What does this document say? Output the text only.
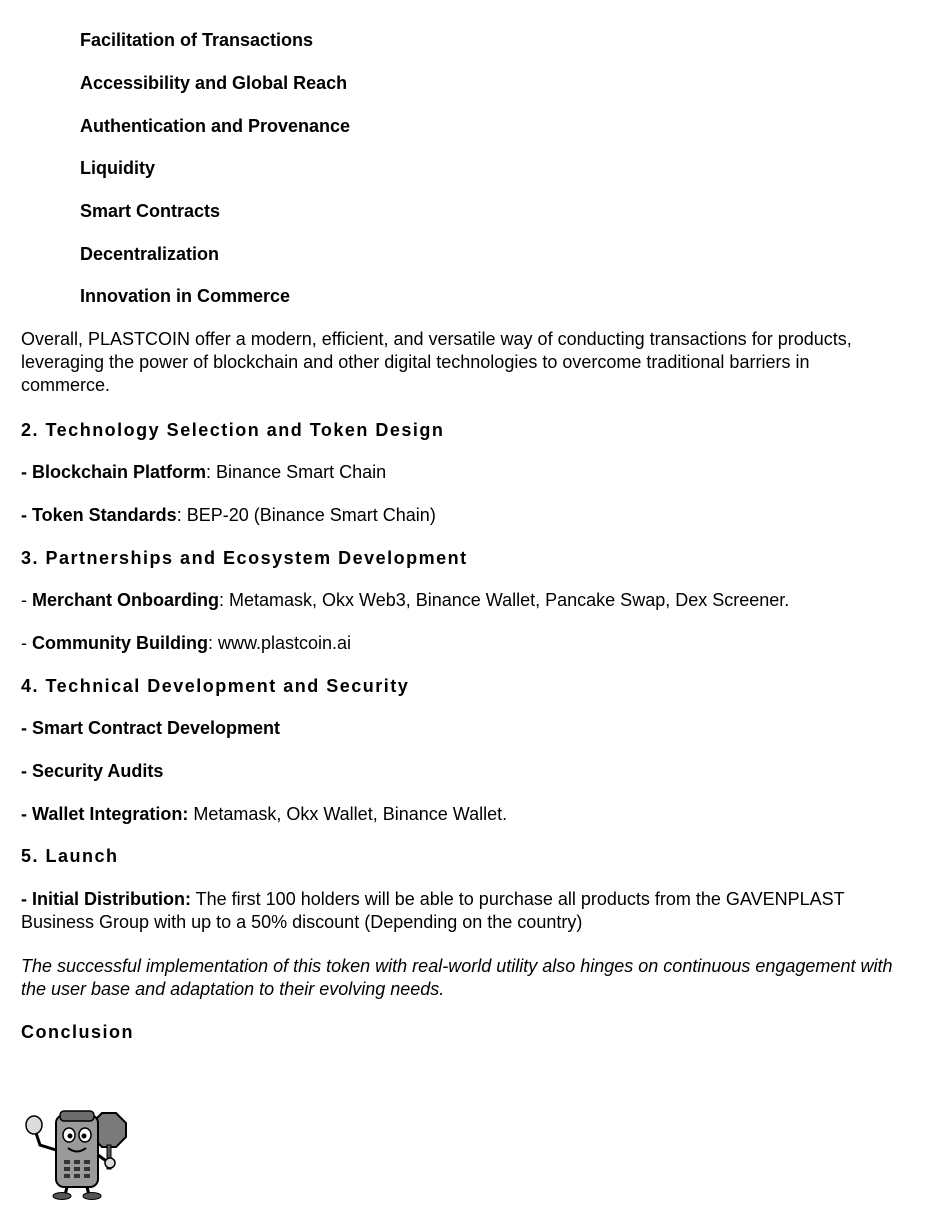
Facilitation of Transactions
Accessibility and Global Reach
Authentication and Provenance
Liquidity
Smart Contracts
Decentralization
Innovation in Commerce
Overall, PLASTCOIN offer a modern, efficient, and versatile way of conducting transactions for products, leveraging the power of blockchain and other digital technologies to overcome traditional barriers in commerce.
2. Technology Selection and Token Design
- Blockchain Platform: Binance Smart Chain
- Token Standards: BEP-20 (Binance Smart Chain)
3. Partnerships and Ecosystem Development
- Merchant Onboarding: Metamask, Okx Web3, Binance Wallet, Pancake Swap, Dex Screener.
- Community Building: www.plastcoin.ai
4. Technical Development and Security
- Smart Contract Development
- Security Audits
- Wallet Integration: Metamask, Okx Wallet, Binance Wallet.
5. Launch
- Initial Distribution: The first 100 holders will be able to purchase all products from the GAVENPLAST Business Group with up to a 50% discount (Depending on the country)
The successful implementation of this token with real-world utility also hinges on continuous engagement with the user base and adaptation to their evolving needs.
Conclusion
